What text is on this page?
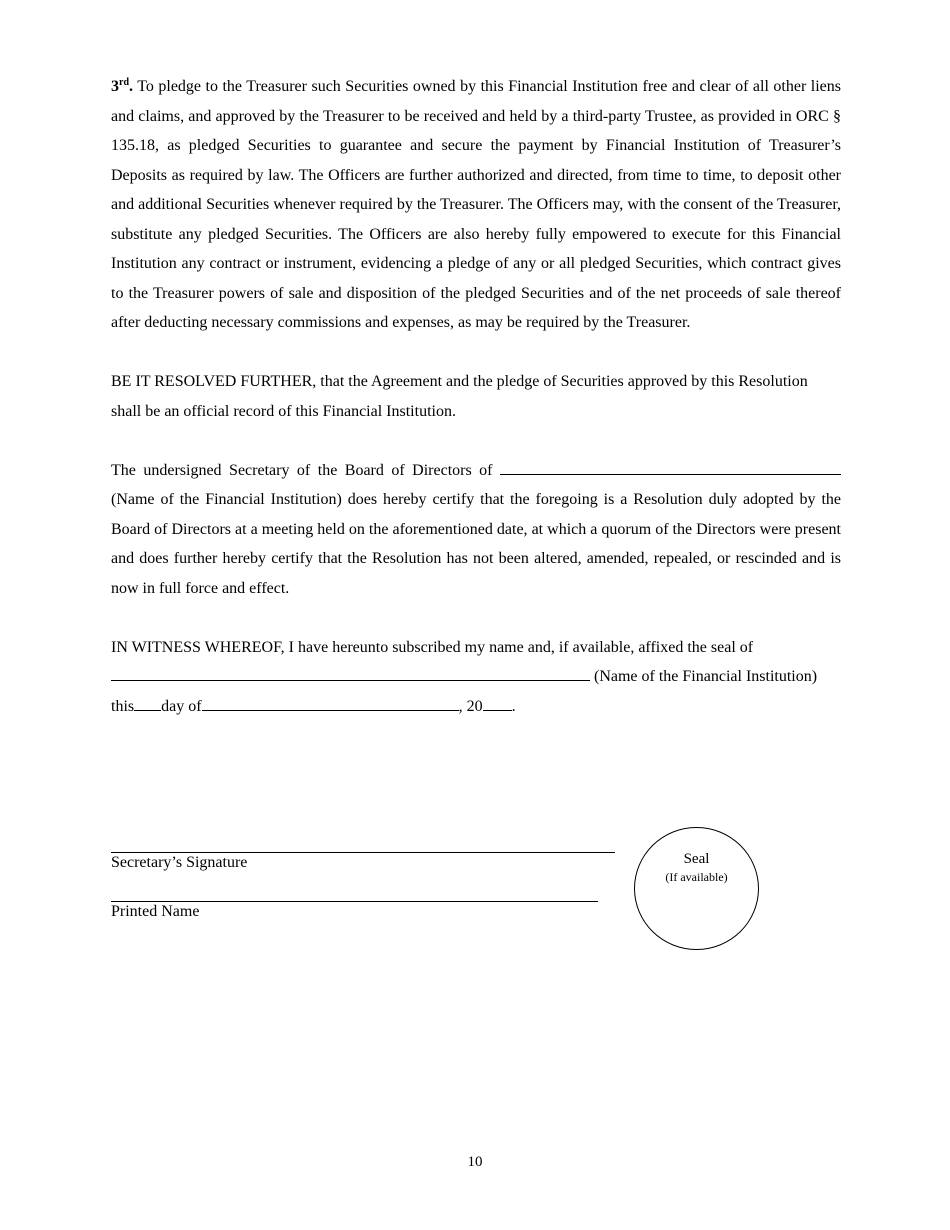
3rd. To pledge to the Treasurer such Securities owned by this Financial Institution free and clear of all other liens and claims, and approved by the Treasurer to be received and held by a third-party Trustee, as provided in ORC § 135.18, as pledged Securities to guarantee and secure the payment by Financial Institution of Treasurer’s Deposits as required by law. The Officers are further authorized and directed, from time to time, to deposit other and additional Securities whenever required by the Treasurer. The Officers may, with the consent of the Treasurer, substitute any pledged Securities. The Officers are also hereby fully empowered to execute for this Financial Institution any contract or instrument, evidencing a pledge of any or all pledged Securities, which contract gives to the Treasurer powers of sale and disposition of the pledged Securities and of the net proceeds of sale thereof after deducting necessary commissions and expenses, as may be required by the Treasurer.

BE IT RESOLVED FURTHER, that the Agreement and the pledge of Securities approved by this Resolution shall be an official record of this Financial Institution.

The undersigned Secretary of the Board of Directors of  (Name of the Financial Institution) does hereby certify that the foregoing is a Resolution duly adopted by the Board of Directors at a meeting held on the aforementioned date, at which a quorum of the Directors were present and does further hereby certify that the Resolution has not been altered, amended, repealed, or rescinded and is now in full force and effect.

IN WITNESS WHEREOF, I have hereunto subscribed my name and, if available, affixed the seal of
(Name of the Financial Institution)
this day of	, 20 .

Secretary’s Signature
Printed Name
Seal
(If available)
10
